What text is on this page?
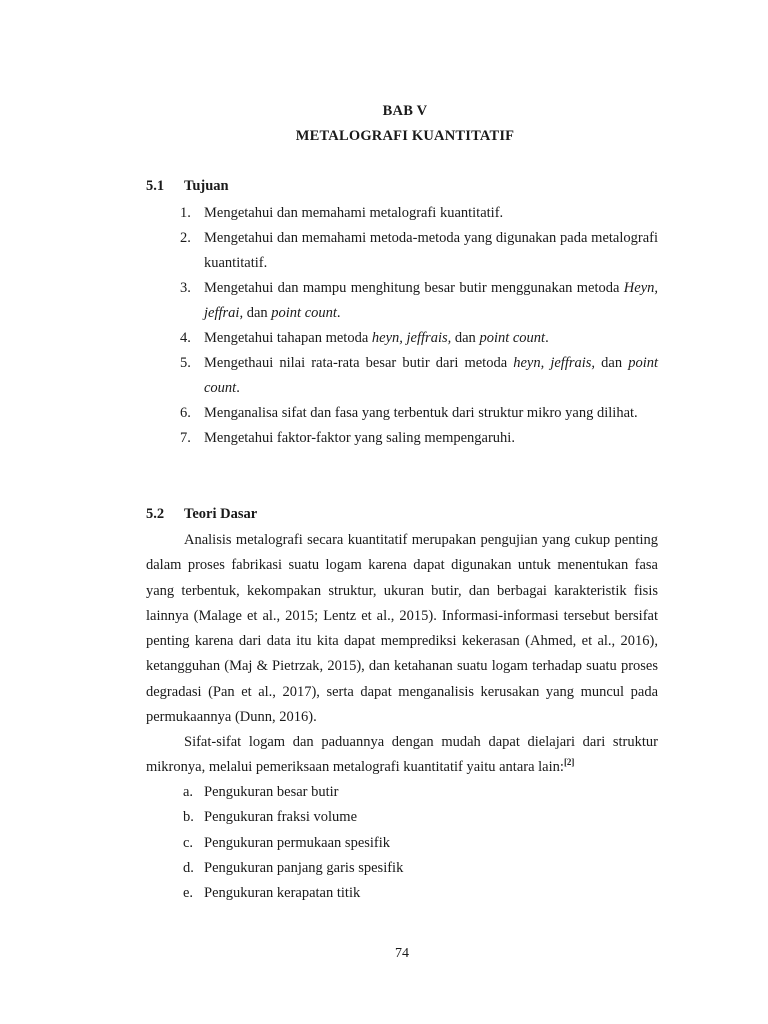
BAB V
METALOGRAFI KUANTITATIF
5.1 Tujuan
1. Mengetahui dan memahami metalografi kuantitatif.
2. Mengetahui dan memahami metoda-metoda yang digunakan pada metalografi kuantitatif.
3. Mengetahui dan mampu menghitung besar butir menggunakan metoda Heyn, jeffrai, dan point count.
4. Mengetahui tahapan metoda heyn, jeffrais, dan point count.
5. Mengethaui nilai rata-rata besar butir dari metoda heyn, jeffrais, dan point count.
6. Menganalisa sifat dan fasa yang terbentuk dari struktur mikro yang dilihat.
7. Mengetahui faktor-faktor yang saling mempengaruhi.
5.2 Teori Dasar

Analisis metalografi secara kuantitatif merupakan pengujian yang cukup penting dalam proses fabrikasi suatu logam karena dapat digunakan untuk menentukan fasa yang terbentuk, kekompakan struktur, ukuran butir, dan berbagai karakteristik fisis lainnya (Malage et al., 2015; Lentz et al., 2015). Informasi-informasi tersebut bersifat penting karena dari data itu kita dapat memprediksi kekerasan (Ahmed, et al., 2016), ketangguhan (Maj & Pietrzak, 2015), dan ketahanan suatu logam terhadap suatu proses degradasi (Pan et al., 2017), serta dapat menganalisis kerusakan yang muncul pada permukaannya (Dunn, 2016).

Sifat-sifat logam dan paduannya dengan mudah dapat dielajari dari struktur mikronya, melalui pemeriksaan metalografi kuantitatif yaitu antara lain:[2]

a. Pengukuran besar butir
b. Pengukuran fraksi volume
c. Pengukuran permukaan spesifik
d. Pengukuran panjang garis spesifik
e. Pengukuran kerapatan titik
74
